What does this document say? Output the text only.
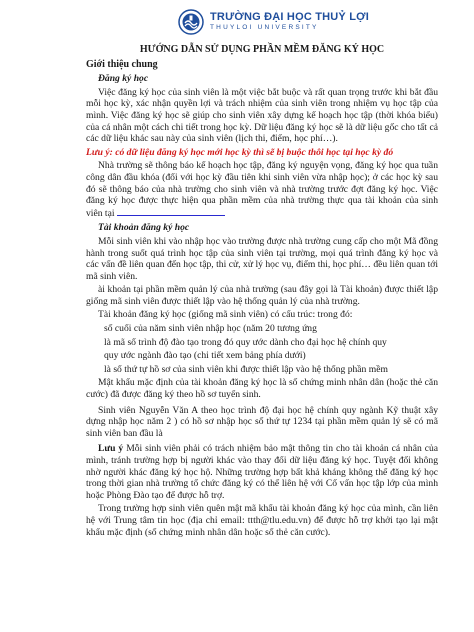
TRƯỜNG ĐẠI HỌC THUỶ LỢI
THUYLOI UNIVERSITY
HƯỚNG DẪN SỬ DỤNG PHẦN MỀM ĐĂNG KÝ HỌC
Giới thiệu chung
Đăng ký học

Việc đăng ký học của sinh viên là một việc bắt buộc và rất quan trọng trước khi bắt đầu mỗi học kỳ, xác nhận quyền lợi và trách nhiệm của sinh viên trong nhiệm vụ học tập của mình. Việc đăng ký học sẽ giúp cho sinh viên xây dựng kế hoạch học tập (thời khóa biểu) của cá nhân một cách chi tiết trong học kỳ. Dữ liệu đăng ký học sẽ là dữ liệu gốc cho tất cả các dữ liệu khác sau này của sinh viên (lịch thi, điểm, học phí…).

Lưu ý: có dữ liệu đăng ký học mới học kỳ thì sẽ bị buộc thôi học tại học kỳ đó

Nhà trường sẽ thông báo kế hoạch học tập, đăng ký nguyện vọng, đăng ký học qua tuần công dân đầu khóa (đối với học kỳ đầu tiên khi sinh viên vừa nhập học); ở các học kỳ sau đó sẽ thông báo của nhà trường cho sinh viên và nhà trường trước đợt đăng ký học. Việc đăng ký học được thực hiện qua phần mềm của nhà trường thực qua tài khoản của sinh viên tại

Tài khoản đăng ký học

Mỗi sinh viên khi vào nhập học vào trường được nhà trường cung cấp cho một Mã đồng hành trong suốt quá trình học tập của sinh viên tại trường, mọi quá trình đăng ký học và các vấn đề liên quan đến học tập, thi cử, xử lý học vụ, điểm thi, học phí… đều liên quan tới mã sinh viên.

ài khoản tại phần mềm quản lý của nhà trường (sau đây gọi là Tài khoản) được thiết lập giống mã sinh viên được thiết lập vào hệ thống quản lý của nhà trường.

Tài khoản đăng ký học (giống mã sinh viên) có cấu trúc: trong đó:

số cuối của năm sinh viên nhập học (năm 20 tương ứng

là mã số trình độ đào tạo trong đó quy ước dành cho đại học hệ chính quy

quy ước ngành đào tạo (chi tiết xem bảng phía dưới)

là số thứ tự hồ sơ của sinh viên khi được thiết lập vào hệ thống phần mềm

Mật khẩu mặc định của tài khoản đăng ký học là số chứng minh nhân dân (hoặc thẻ căn cước) đã được đăng ký theo hồ sơ tuyển sinh.

Sinh viên Nguyễn Văn A theo học trình độ đại học hệ chính quy ngành Kỹ thuật xây dựng nhập học năm 2 ) có hồ sơ nhập học số thứ tự 1234 tại phần mềm quản lý sẽ có mã sinh viên ban đầu là

Lưu ý Mỗi sinh viên phải có trách nhiệm bảo mật thông tin cho tài khoản cá nhân của mình, tránh trường hợp bị người khác vào thay đổi dữ liệu đăng ký học. Tuyệt đối không nhờ người khác đăng ký học hộ. Những trường hợp bất khả kháng không thể đăng ký học trong thời gian nhà trường tổ chức đăng ký có thể liên hệ với Cố vấn học tập lớp của mình hoặc Phòng Đào tạo để được hỗ trợ.

Trong trường hợp sinh viên quên mật mã khẩu tài khoản đăng ký học của mình, cần liên hệ với Trung tâm tin học (địa chỉ email: ttth@tlu.edu.vn) để được hỗ trợ khởi tạo lại mật khẩu mặc định (số chứng minh nhân dân hoặc số thẻ căn cước).
